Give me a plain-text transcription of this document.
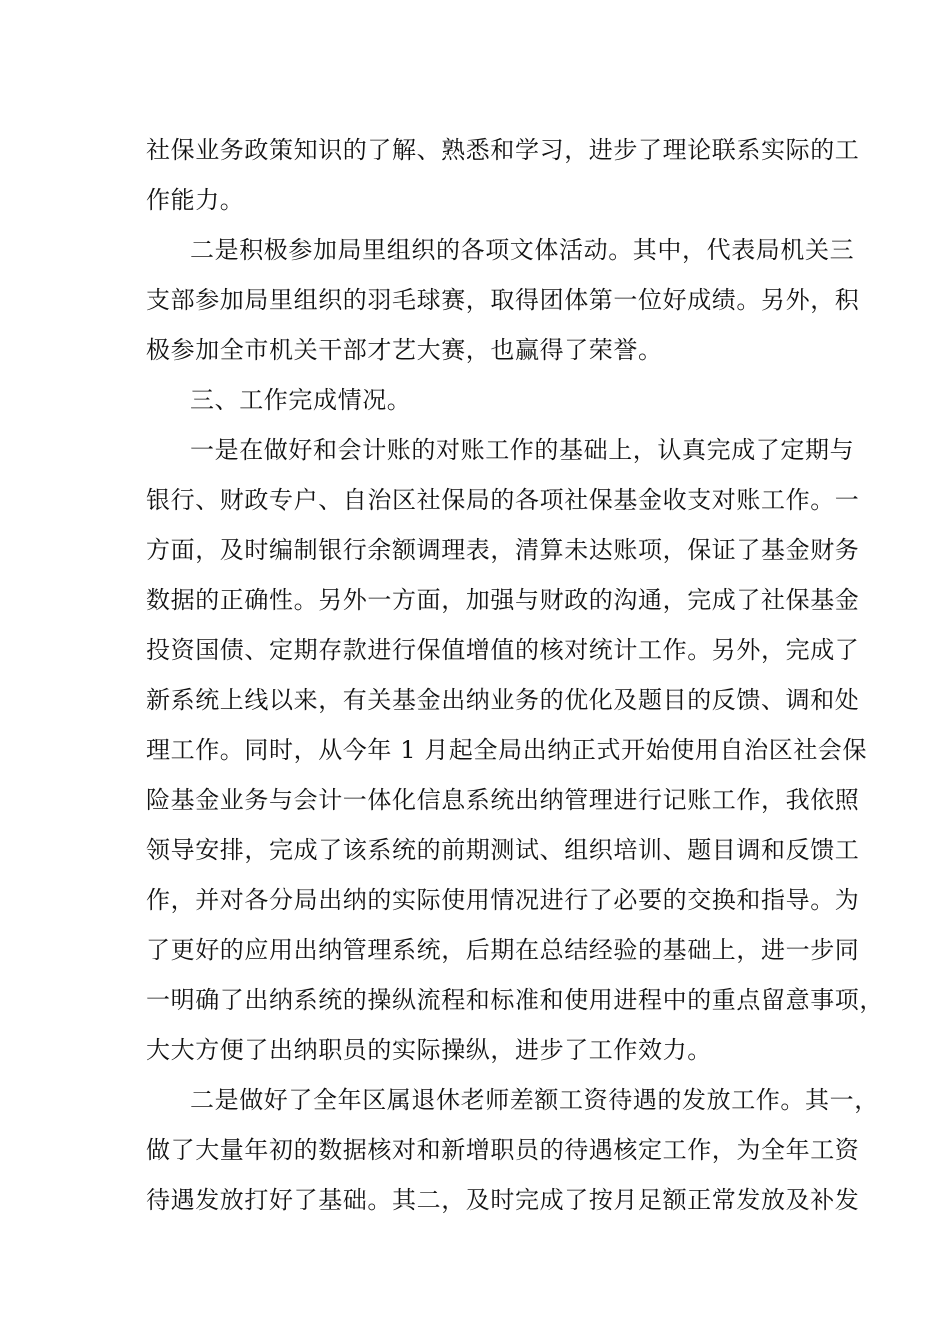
社保业务政策知识的了解、熟悉和学习，进步了理论联系实际的工
作能力。
二是积极参加局里组织的各项文体活动。其中，代表局机关三
支部参加局里组织的羽毛球赛，取得团体第一位好成绩。另外，积
极参加全市机关干部才艺大赛，也赢得了荣誉。
三、工作完成情况。
一是在做好和会计账的对账工作的基础上，认真完成了定期与
银行、财政专户、自治区社保局的各项社保基金收支对账工作。一
方面，及时编制银行余额调理表，清算未达账项，保证了基金财务
数据的正确性。另外一方面，加强与财政的沟通，完成了社保基金
投资国债、定期存款进行保值增值的核对统计工作。另外，完成了
新系统上线以来，有关基金出纳业务的优化及题目的反馈、调和处
理工作。同时，从今年 1 月起全局出纳正式开始使用自治区社会保
险基金业务与会计一体化信息系统出纳管理进行记账工作，我依照
领导安排，完成了该系统的前期测试、组织培训、题目调和反馈工
作，并对各分局出纳的实际使用情况进行了必要的交换和指导。为
了更好的应用出纳管理系统，后期在总结经验的基础上，进一步同
一明确了出纳系统的操纵流程和标准和使用进程中的重点留意事项，
大大方便了出纳职员的实际操纵，进步了工作效力。
二是做好了全年区属退休老师差额工资待遇的发放工作。其一，
做了大量年初的数据核对和新增职员的待遇核定工作，为全年工资
待遇发放打好了基础。其二，及时完成了按月足额正常发放及补发
